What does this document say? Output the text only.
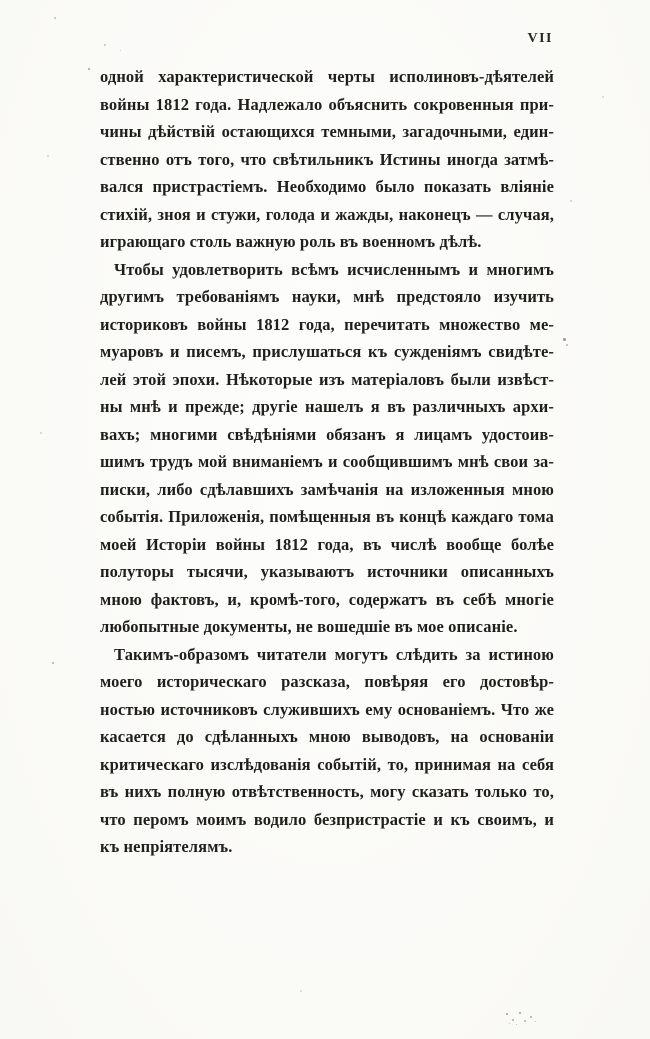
VII
одной характеристической черты исполиновъ-дѣятелей
войны 1812 года. Надлежало объяснить сокровенныя при-
чины дѣйствій остающихся темными, загадочными, един-
ственно отъ того, что свѣтильникъ Истины иногда затмѣ-
вался пристрастіемъ. Необходимо было показать вліяніе
стихій, зноя и стужи, голода и жажды, наконецъ — случая,
играющаго столь важную роль въ военномъ дѣлѣ.
Чтобы удовлетворить всѣмъ исчисленнымъ и многимъ
другимъ требованіямъ науки, мнѣ предстояло изучить
историковъ войны 1812 года, перечитать множество ме-
муаровъ и писемъ, прислушаться къ сужденіямъ свидѣте-
лей этой эпохи. Нѣкоторые изъ матеріаловъ были извѣст-
ны мнѣ и прежде; другіе нашелъ я въ различныхъ архи-
вахъ; многими свѣдѣніями обязанъ я лицамъ удостоив-
шимъ трудъ мой вниманіемъ и сообщившимъ мнѣ свои за-
писки, либо сдѣлавшихъ замѣчанія на изложенныя мною
событія. Приложенія, помѣщенныя въ концѣ каждаго тома
моей Исторіи войны 1812 года, въ числѣ вообще болѣе
полуторы тысячи, указываютъ источники описанныхъ
мною фактовъ, и, кромѣ-того, содержатъ въ себѣ многіе
любопытные документы, не вошедшіе въ мое описаніе.
Такимъ-образомъ читатели могутъ слѣдить за истиною
моего историческаго разсказа, повѣряя его достовѣр-
ностью источниковъ служившихъ ему основаніемъ. Что же
касается до сдѣланныхъ мною выводовъ, на основаніи
критическаго изслѣдованія событій, то, принимая на себя
въ нихъ полную отвѣтственность, могу сказать только то,
что перомъ моимъ водило безпристрастіе и къ своимъ, и
къ непріятелямъ.
